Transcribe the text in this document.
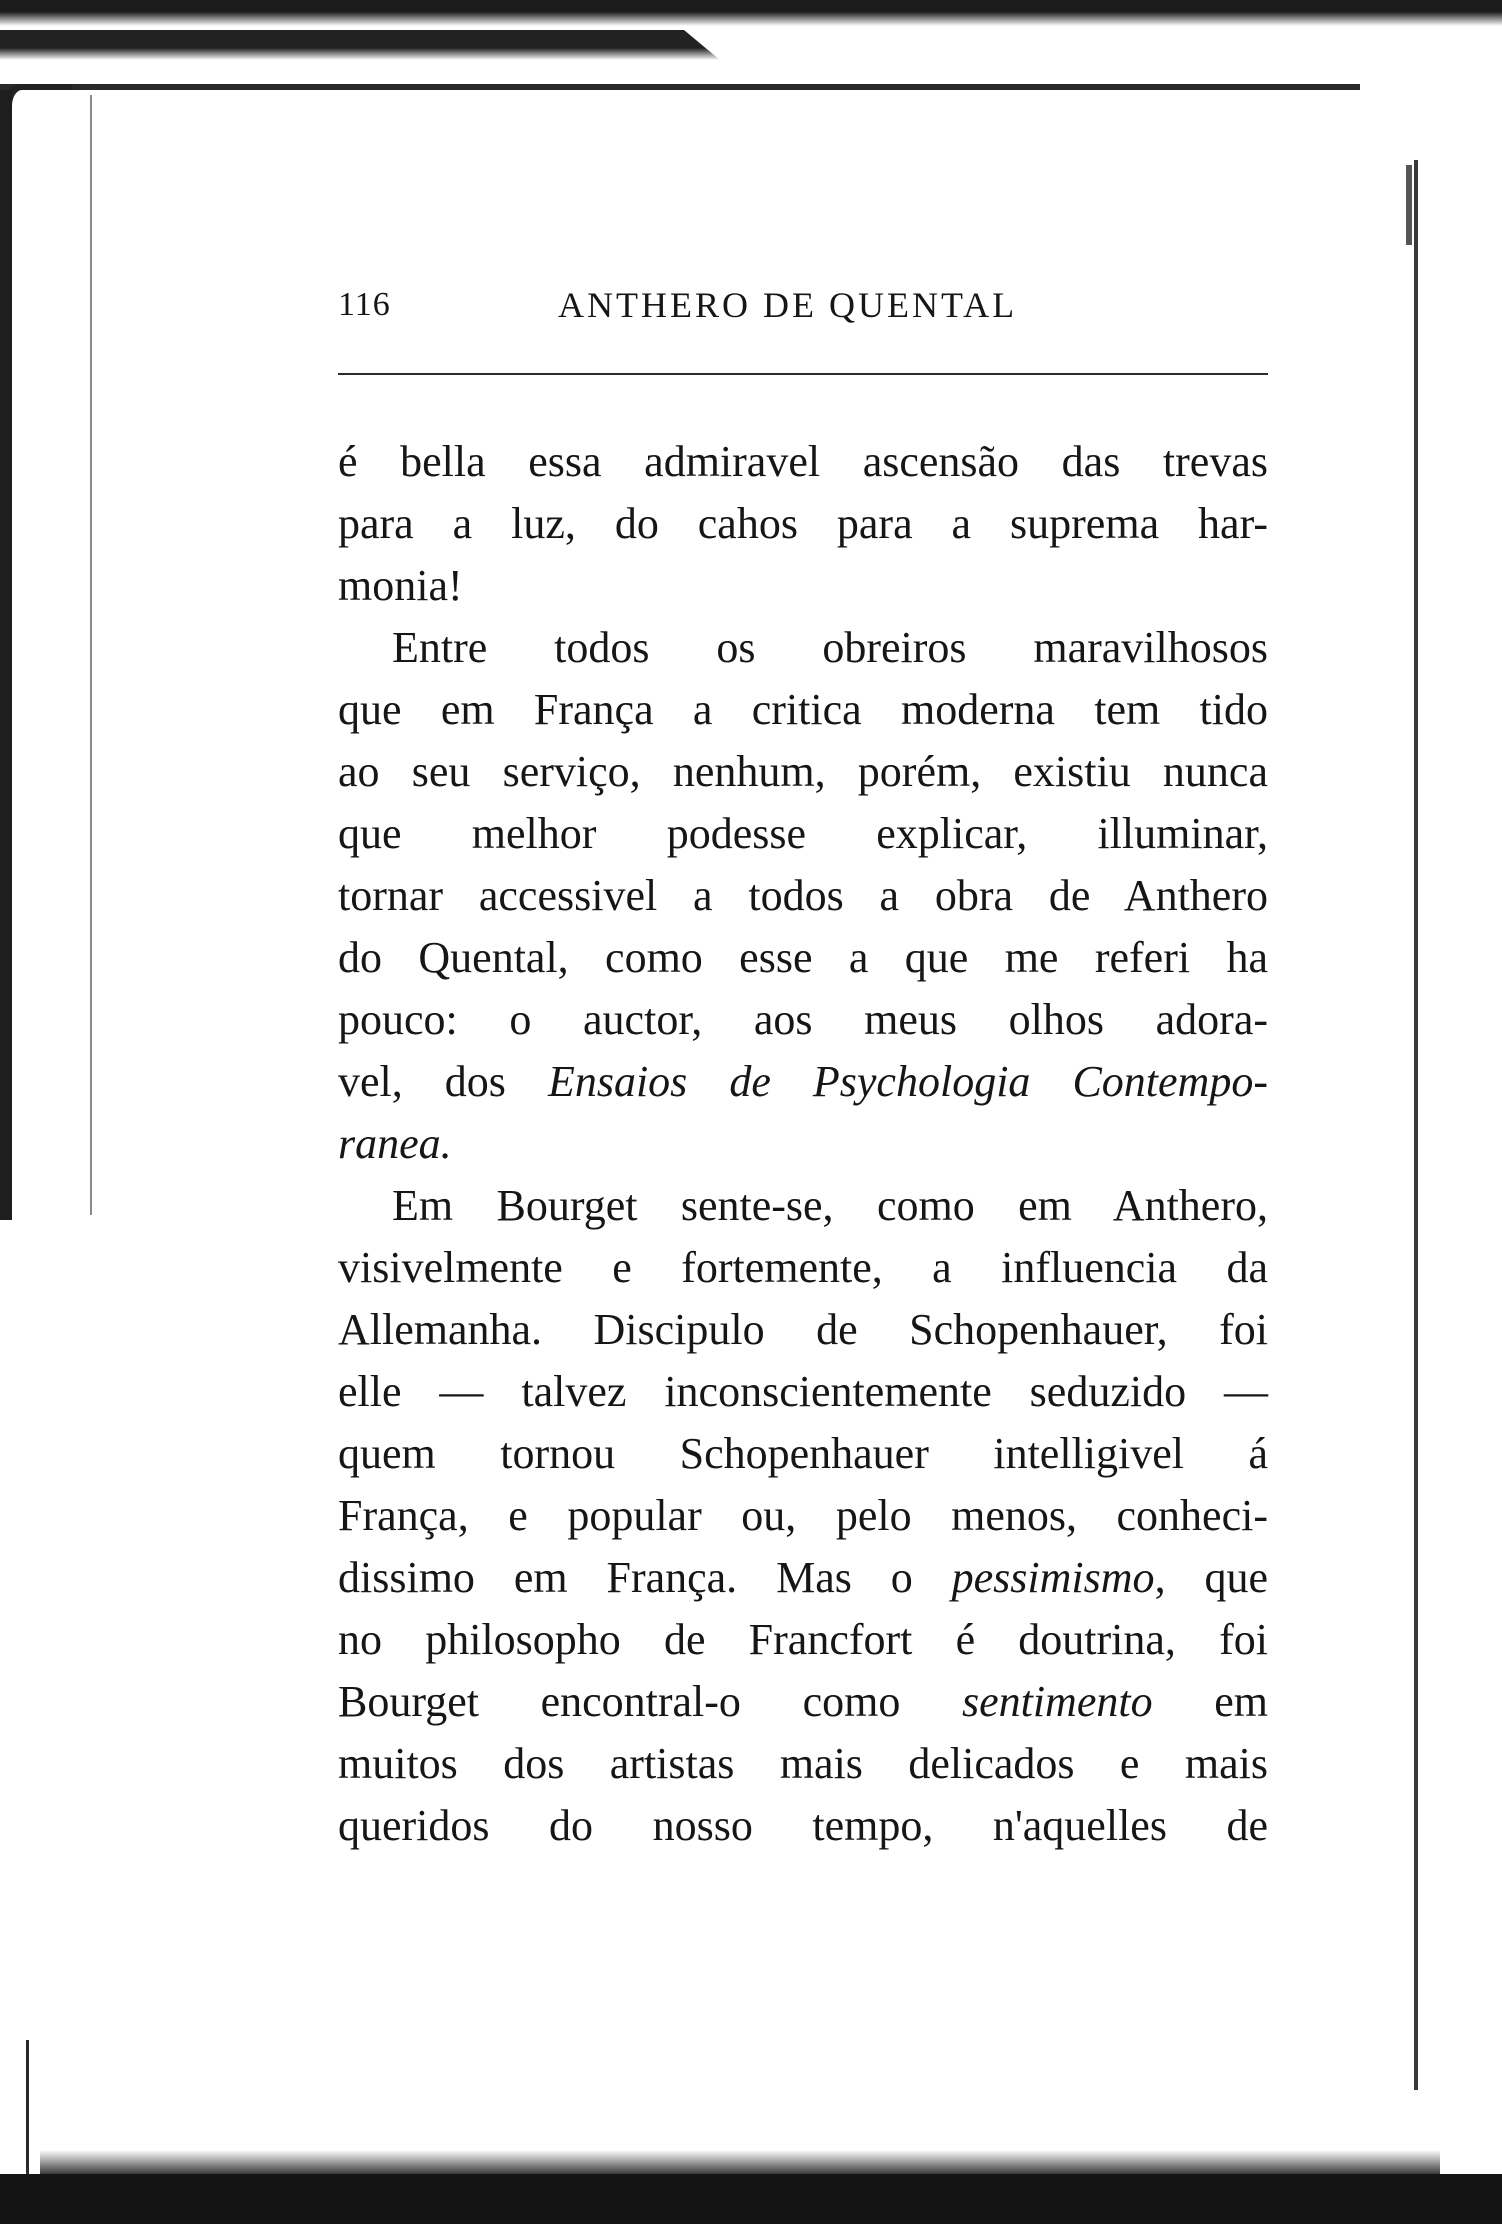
116	ANTHERO DE QUENTAL
é bella essa admiravel ascensão das trevas
para a luz, do cahos para a suprema har-
monia!
Entre todos os obreiros maravilhosos
que em França a critica moderna tem tido
ao seu serviço, nenhum, porém, existiu nunca
que melhor podesse explicar, illuminar,
tornar accessivel a todos a obra de Anthero
do Quental, como esse a que me referi ha
pouco: o auctor, aos meus olhos adora-
vel, dos Ensaios de Psychologia Contempo-
ranea.
Em Bourget sente-se, como em Anthero,
visivelmente e fortemente, a influencia da
Allemanha. Discipulo de Schopenhauer, foi
elle — talvez inconscientemente seduzido —
quem tornou Schopenhauer intelligivel á
França, e popular ou, pelo menos, conheci-
dissimo em França. Mas o pessimismo, que
no philosopho de Francfort é doutrina, foi
Bourget encontral-o como sentimento em
muitos dos artistas mais delicados e mais
queridos do nosso tempo, n'aquelles de
